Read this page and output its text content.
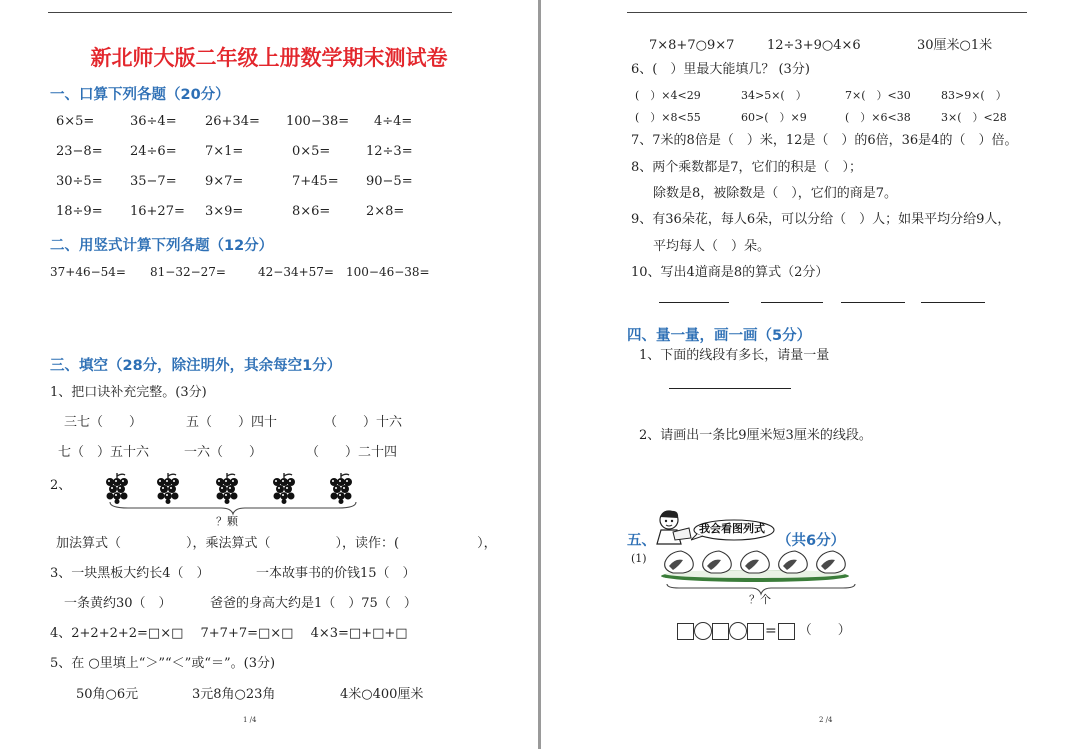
新北师大版二年级上册数学期末测试卷
一、口算下列各题（20分）
6×5=	36÷4= 26+34= 100−38= 4÷4=
23−8= 24÷6= 7×1=	0×5=	12÷3=
30÷5= 35−7= 9×7=	7+45= 90−5=
18÷9= 16+27= 3×9=	8×6=	2×8=
二、用竖式计算下列各题（12分）
37+46−54= 81−32−27=	42−34+57= 100−46−38=
三、填空（28分，除注明外，其余每空1分）
1、把口诀补充完整。(3分)
三七（　　）	五（　　）四十	（　　）十六
七（　）五十六	一六（　　）	（　　）二十四
2、
？颗
加法算式（　　　　　），乘法算式（　　　　　），读作：(　　　　　　），
3、一块黑板大约长4（　）	一本故事书的价钱15（　）
一条黄约30（　）	爸爸的身高大约是1（　）75（　）
4、2+2+2+2=□×□　 7+7+7=□×□　 4×3=□+□+□
5、在 ○里填上“＞”“＜”或“＝”。(3分)
50角○6元	3元8角○23角	4米○400厘米
1 /4
7×8+7○9×7	12÷3+9○4×6	30厘米○1米
6、(　）里最大能填几？ (3分)
(　）×4<29	34>5×(　）	7×(　）<30	83>9×(　）
(　）×8<55	60>(　）×9	(　）×6<38	3×(　）<28
7、7米的8倍是（　）米，12是（　）的6倍，36是4的（　）倍。
8、两个乘数都是7，它们的积是（　）；
除数是8，被除数是（　），它们的商是7。
9、有36朵花，每人6朵，可以分给（　）人；如果平均分给9人，
平均每人（　）朵。
10、写出4道商是8的算式（2分）
四、量一量，画一画（5分）
1、下面的线段有多长，请量一量
2、请画出一条比9厘米短3厘米的线段。
五、
我会看图列式
（共6分）
(1)
？个
= （　　）
2 /4
